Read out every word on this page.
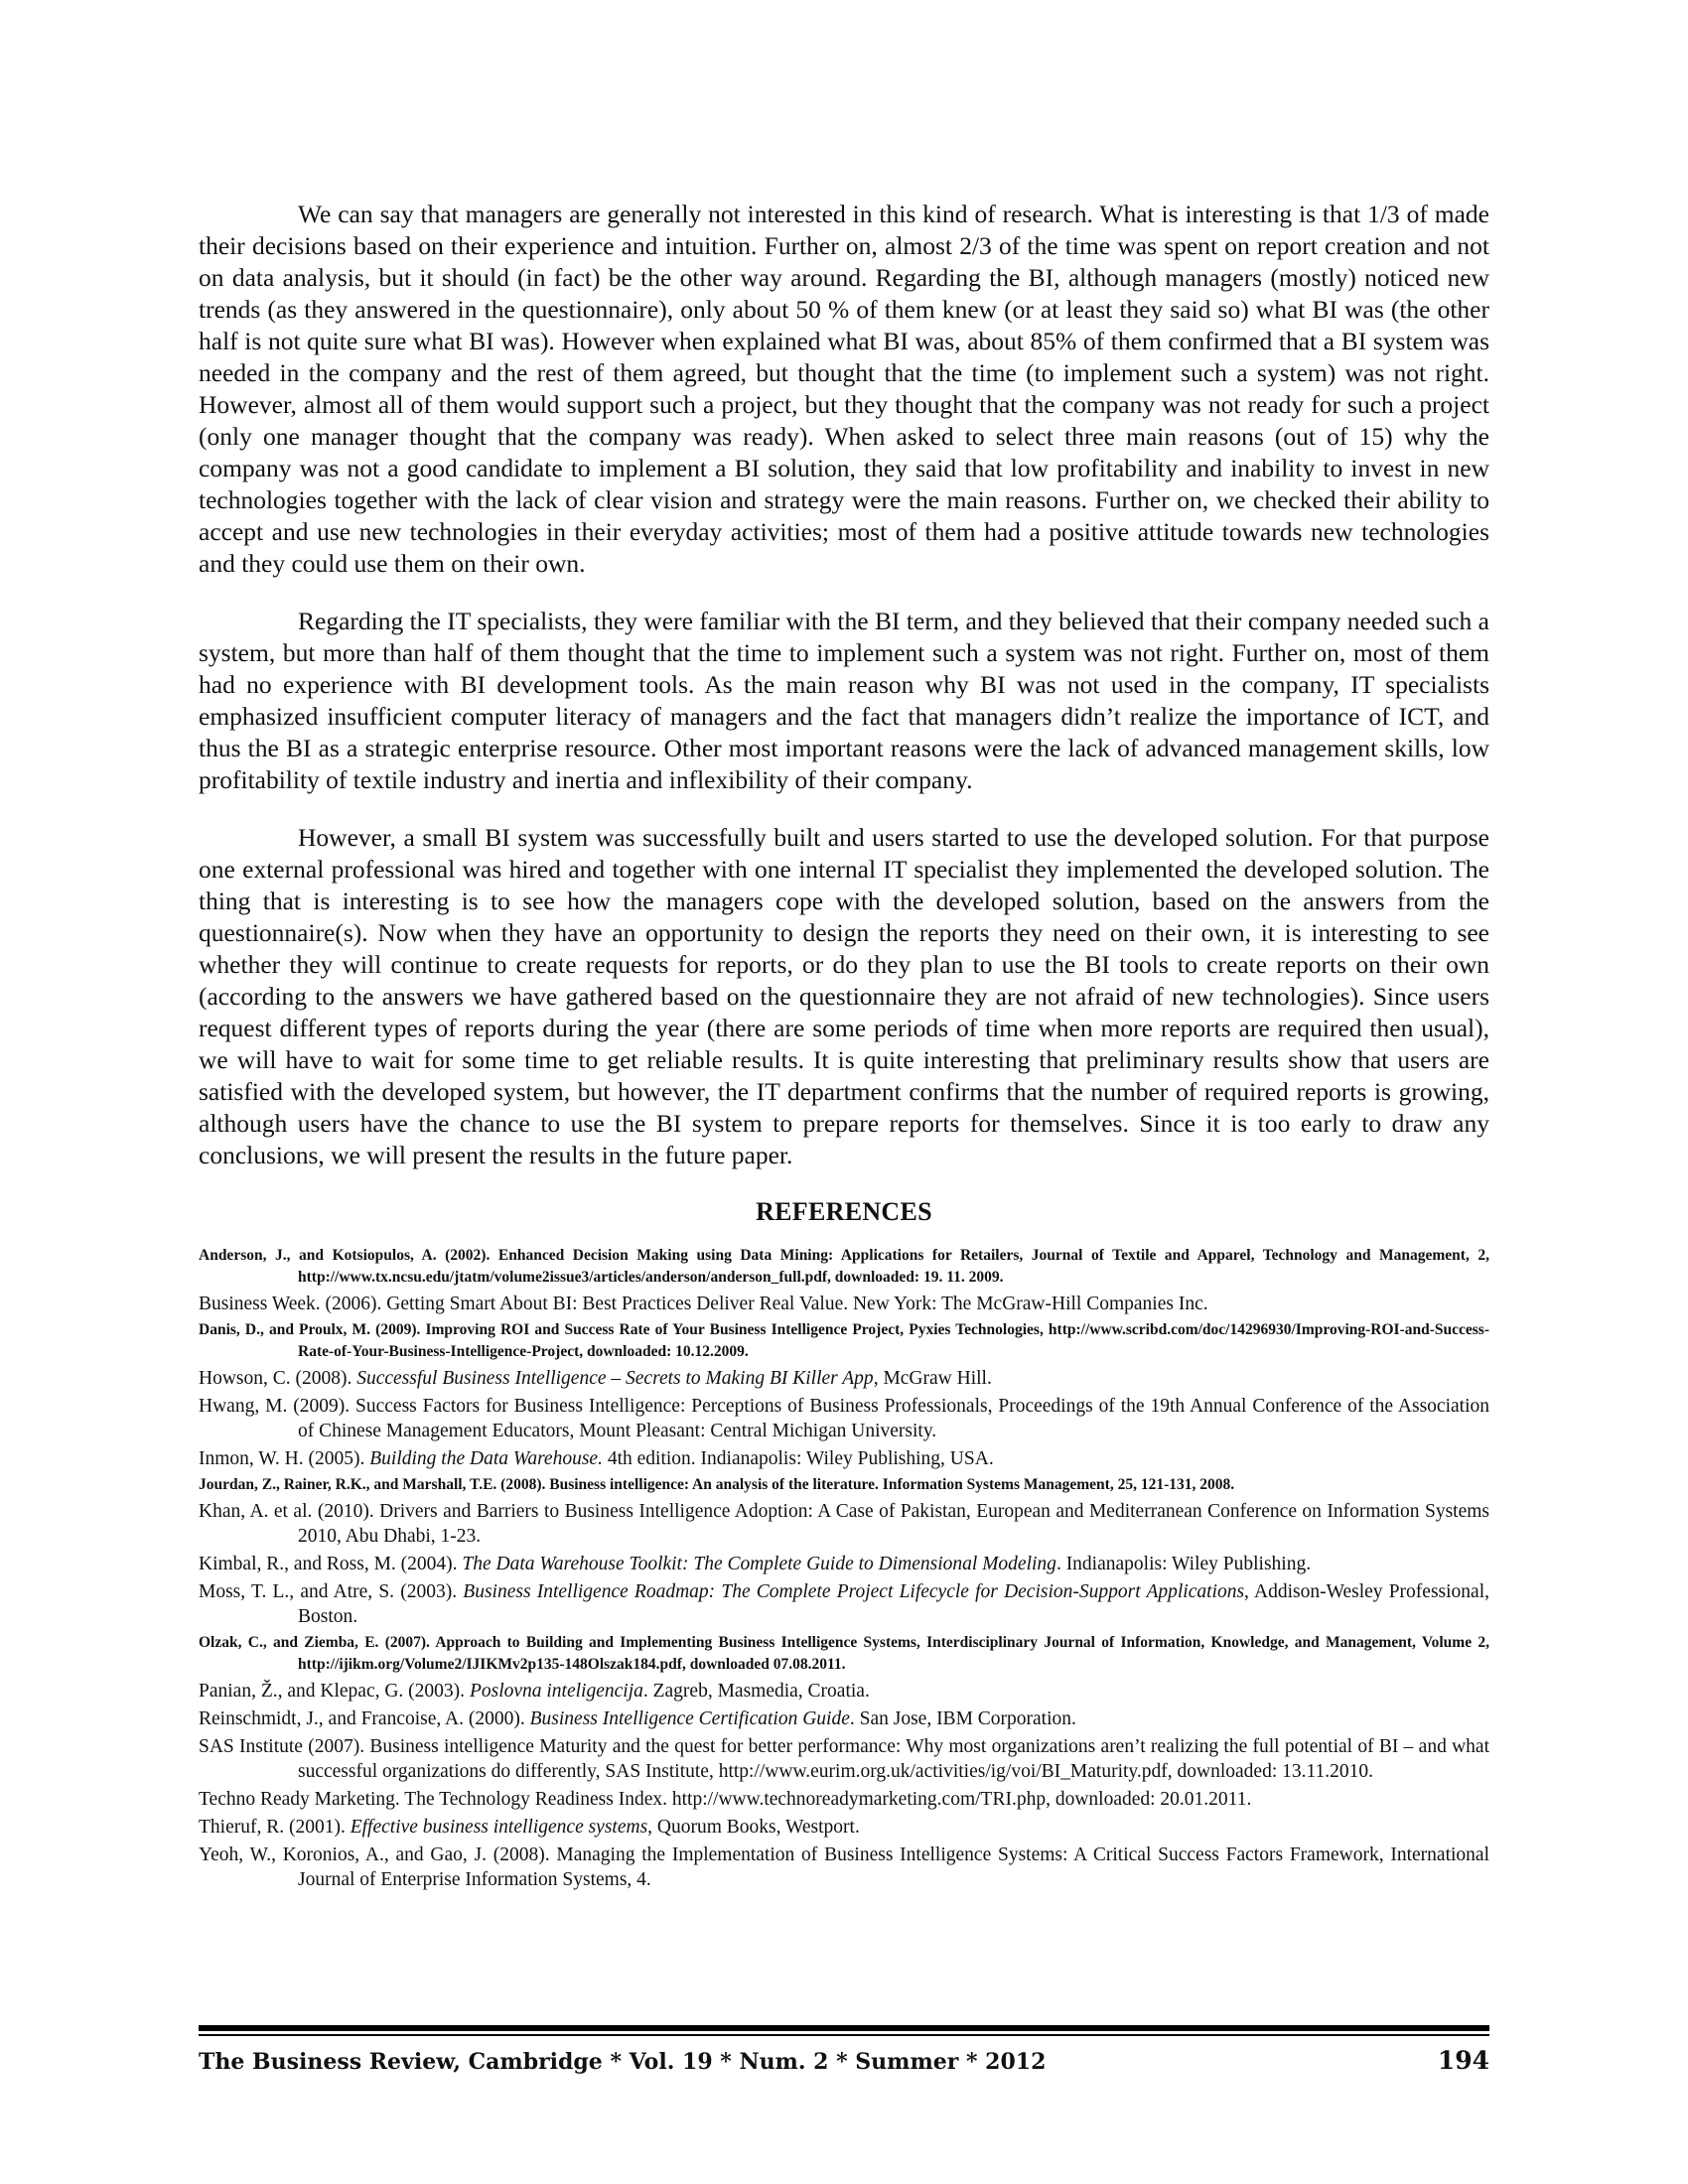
We can say that managers are generally not interested in this kind of research. What is interesting is that 1/3 of made their decisions based on their experience and intuition. Further on, almost 2/3 of the time was spent on report creation and not on data analysis, but it should (in fact) be the other way around. Regarding the BI, although managers (mostly) noticed new trends (as they answered in the questionnaire), only about 50 % of them knew (or at least they said so) what BI was (the other half is not quite sure what BI was). However when explained what BI was, about 85% of them confirmed that a BI system was needed in the company and the rest of them agreed, but thought that the time (to implement such a system) was not right. However, almost all of them would support such a project, but they thought that the company was not ready for such a project (only one manager thought that the company was ready). When asked to select three main reasons (out of 15) why the company was not a good candidate to implement a BI solution, they said that low profitability and inability to invest in new technologies together with the lack of clear vision and strategy were the main reasons. Further on, we checked their ability to accept and use new technologies in their everyday activities; most of them had a positive attitude towards new technologies and they could use them on their own.

Regarding the IT specialists, they were familiar with the BI term, and they believed that their company needed such a system, but more than half of them thought that the time to implement such a system was not right. Further on, most of them had no experience with BI development tools. As the main reason why BI was not used in the company, IT specialists emphasized insufficient computer literacy of managers and the fact that managers didn’t realize the importance of ICT, and thus the BI as a strategic enterprise resource. Other most important reasons were the lack of advanced management skills, low profitability of textile industry and inertia and inflexibility of their company.

However, a small BI system was successfully built and users started to use the developed solution. For that purpose one external professional was hired and together with one internal IT specialist they implemented the developed solution. The thing that is interesting is to see how the managers cope with the developed solution, based on the answers from the questionnaire(s). Now when they have an opportunity to design the reports they need on their own, it is interesting to see whether they will continue to create requests for reports, or do they plan to use the BI tools to create reports on their own (according to the answers we have gathered based on the questionnaire they are not afraid of new technologies). Since users request different types of reports during the year (there are some periods of time when more reports are required then usual), we will have to wait for some time to get reliable results. It is quite interesting that preliminary results show that users are satisfied with the developed system, but however, the IT department confirms that the number of required reports is growing, although users have the chance to use the BI system to prepare reports for themselves. Since it is too early to draw any conclusions, we will present the results in the future paper.

REFERENCES
Anderson, J., and Kotsiopulos, A. (2002). Enhanced Decision Making using Data Mining: Applications for Retailers, Journal of Textile and Apparel, Technology and Management, 2, http://www.tx.ncsu.edu/jtatm/volume2issue3/articles/anderson/anderson_full.pdf, downloaded: 19. 11. 2009.
Business Week. (2006). Getting Smart About BI: Best Practices Deliver Real Value. New York: The McGraw-Hill Companies Inc.
Danis, D., and Proulx, M. (2009). Improving ROI and Success Rate of Your Business Intelligence Project, Pyxies Technologies, http://www.scribd.com/doc/14296930/Improving-ROI-and-Success-Rate-of-Your-Business-Intelligence-Project, downloaded: 10.12.2009.
Howson, C. (2008). Successful Business Intelligence – Secrets to Making BI Killer App, McGraw Hill.
Hwang, M. (2009). Success Factors for Business Intelligence: Perceptions of Business Professionals, Proceedings of the 19th Annual Conference of the Association of Chinese Management Educators, Mount Pleasant: Central Michigan University.
Inmon, W. H. (2005). Building the Data Warehouse. 4th edition. Indianapolis: Wiley Publishing, USA.
Jourdan, Z., Rainer, R.K., and Marshall, T.E. (2008). Business intelligence: An analysis of the literature. Information Systems Management, 25, 121-131, 2008.
Khan, A. et al. (2010). Drivers and Barriers to Business Intelligence Adoption: A Case of Pakistan, European and Mediterranean Conference on Information Systems 2010, Abu Dhabi, 1-23.
Kimbal, R., and Ross, M. (2004). The Data Warehouse Toolkit: The Complete Guide to Dimensional Modeling. Indianapolis: Wiley Publishing.
Moss, T. L., and Atre, S. (2003). Business Intelligence Roadmap: The Complete Project Lifecycle for Decision-Support Applications, Addison-Wesley Professional, Boston.
Olzak, C., and Ziemba, E. (2007). Approach to Building and Implementing Business Intelligence Systems, Interdisciplinary Journal of Information, Knowledge, and Management, Volume 2, http://ijikm.org/Volume2/IJIKMv2p135-148Olszak184.pdf, downloaded 07.08.2011.
Panian, Ž., and Klepac, G. (2003). Poslovna inteligencija. Zagreb, Masmedia, Croatia.
Reinschmidt, J., and Francoise, A. (2000). Business Intelligence Certification Guide. San Jose, IBM Corporation.
SAS Institute (2007). Business intelligence Maturity and the quest for better performance: Why most organizations aren’t realizing the full potential of BI – and what successful organizations do differently, SAS Institute, http://www.eurim.org.uk/activities/ig/voi/BI_Maturity.pdf, downloaded: 13.11.2010.
Techno Ready Marketing. The Technology Readiness Index. http://www.technoreadymarketing.com/TRI.php, downloaded: 20.01.2011.
Thieruf, R. (2001). Effective business intelligence systems, Quorum Books, Westport.
Yeoh, W., Koronios, A., and Gao, J. (2008). Managing the Implementation of Business Intelligence Systems: A Critical Success Factors Framework, International Journal of Enterprise Information Systems, 4.
The Business Review, Cambridge * Vol. 19 * Num. 2 * Summer * 2012	194
